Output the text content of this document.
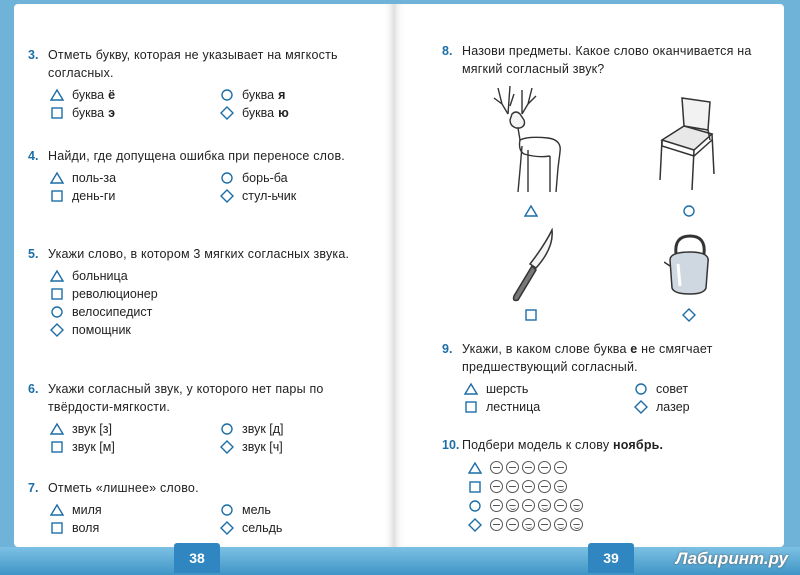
38	39	Лабиринт.ру
3. Отметь букву, которая не указывает на мягкость согласных.
буква ё	буква я
буква э	буква ю
4. Найди, где допущена ошибка при переносе слов.
поль-за	борь-ба
день-ги	стул-ьчик
5. Укажи слово, в котором 3 мягких согласных звука.
больница
революционер
велосипедист
помощник
6. Укажи согласный звук, у которого нет пары по твёрдости-мягкости.
звук [з]	звук [д]
звук [м]	звук [ч]
7. Отметь «лишнее» слово.
миля	мель
воля	сельдь
8. Назови предметы. Какое слово оканчивается на мягкий согласный звук?
9. Укажи, в каком слове буква е не смягчает предшествующий согласный.
шерсть	совет
лестница	лазер
10. Подбери модель к слову ноябрь.
